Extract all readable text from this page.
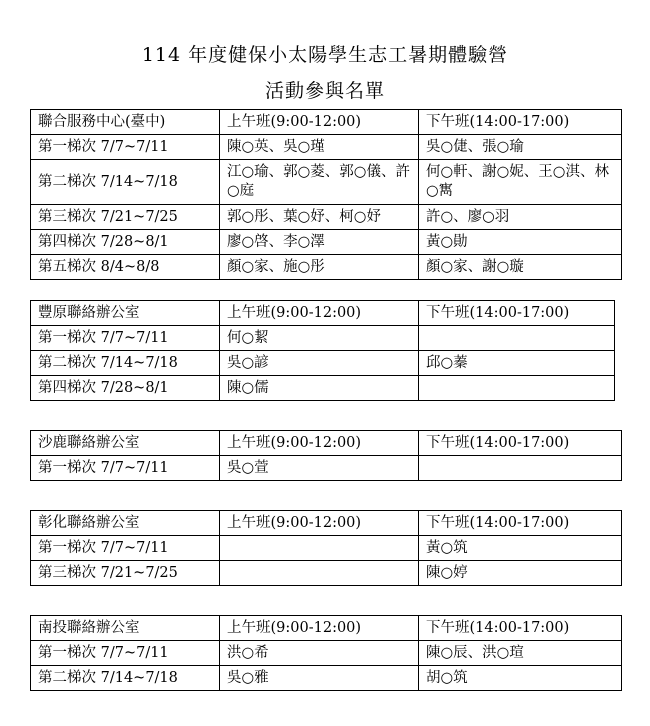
114 年度健保小太陽學生志工暑期體驗營
活動參與名單
聯合服務中心(臺中)	上午班(9:00-12:00)	下午班(14:00-17:00)
第一梯次 7/7~7/11	陳○英、吳○瑾	吳○倢、張○瑜
第二梯次 7/14~7/18	江○瑜、郭○菱、郭○儀、許○庭	何○軒、謝○妮、王○淇、林○寯
第三梯次 7/21~7/25	郭○彤、葉○妤、柯○妤	許○、廖○羽
第四梯次 7/28~8/1	廖○啓、李○澤	黃○勛
第五梯次 8/4~8/8	顏○家、施○彤	顏○家、謝○璇
豐原聯絡辦公室	上午班(9:00-12:00)	下午班(14:00-17:00)
第一梯次 7/7~7/11	何○絜	
第二梯次 7/14~7/18	吳○諺	邱○蓁
第四梯次 7/28~8/1	陳○儒	
沙鹿聯絡辦公室	上午班(9:00-12:00)	下午班(14:00-17:00)
第一梯次 7/7~7/11	吳○萱	
彰化聯絡辦公室	上午班(9:00-12:00)	下午班(14:00-17:00)
第一梯次 7/7~7/11		黃○筑
第三梯次 7/21~7/25		陳○婷
南投聯絡辦公室	上午班(9:00-12:00)	下午班(14:00-17:00)
第一梯次 7/7~7/11	洪○希	陳○辰、洪○瑄
第二梯次 7/14~7/18	吳○雅	胡○筑
